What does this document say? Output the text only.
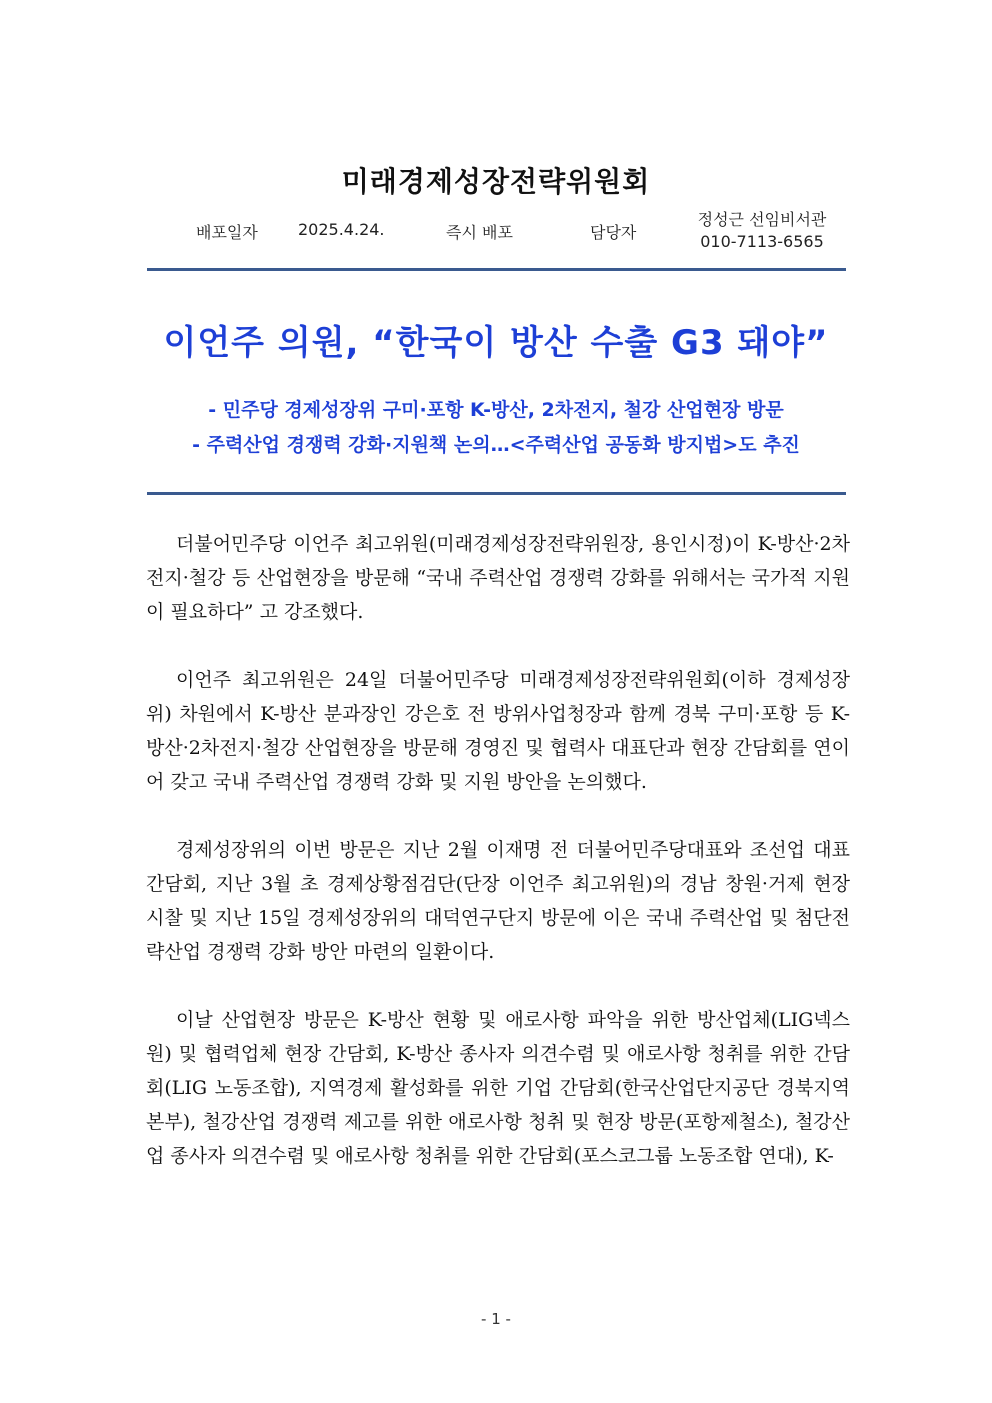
미래경제성장전략위원회
배포일자	2025.4.24.	즉시 배포	담당자
정성근 선임비서관
010-7113-6565
이언주 의원, “한국이 방산 수출 G3 돼야”
- 민주당 경제성장위 구미·포항 K-방산, 2차전지, 철강 산업현장 방문
- 주력산업 경쟁력 강화·지원책 논의…<주력산업 공동화 방지법>도 추진

더불어민주당 이언주 최고위원(미래경제성장전략위원장, 용인시정)이 K-방산·2차전지·철강 등 산업현장을 방문해 “국내 주력산업 경쟁력 강화를 위해서는 국가적 지원이 필요하다” 고 강조했다.

이언주 최고위원은 24일 더불어민주당 미래경제성장전략위원회(이하 경제성장위) 차원에서 K-방산 분과장인 강은호 전 방위사업청장과 함께 경북 구미·포항 등 K-방산·2차전지·철강 산업현장을 방문해 경영진 및 협력사 대표단과 현장 간담회를 연이어 갖고 국내 주력산업 경쟁력 강화 및 지원 방안을 논의했다.

경제성장위의 이번 방문은 지난 2월 이재명 전 더불어민주당대표와 조선업 대표 간담회, 지난 3월 초 경제상황점검단(단장 이언주 최고위원)의 경남 창원·거제 현장 시찰 및 지난 15일 경제성장위의 대덕연구단지 방문에 이은 국내 주력산업 및 첨단전략산업 경쟁력 강화 방안 마련의 일환이다.

이날 산업현장 방문은 K-방산 현황 및 애로사항 파악을 위한 방산업체(LIG넥스원) 및 협력업체 현장 간담회, K-방산 종사자 의견수렴 및 애로사항 청취를 위한 간담회(LIG 노동조합), 지역경제 활성화를 위한 기업 간담회(한국산업단지공단 경북지역본부), 철강산업 경쟁력 제고를 위한 애로사항 청취 및 현장 방문(포항제철소), 철강산업 종사자 의견수렴 및 애로사항 청취를 위한 간담회(포스코그룹 노동조합 연대), K-

- 1 -
